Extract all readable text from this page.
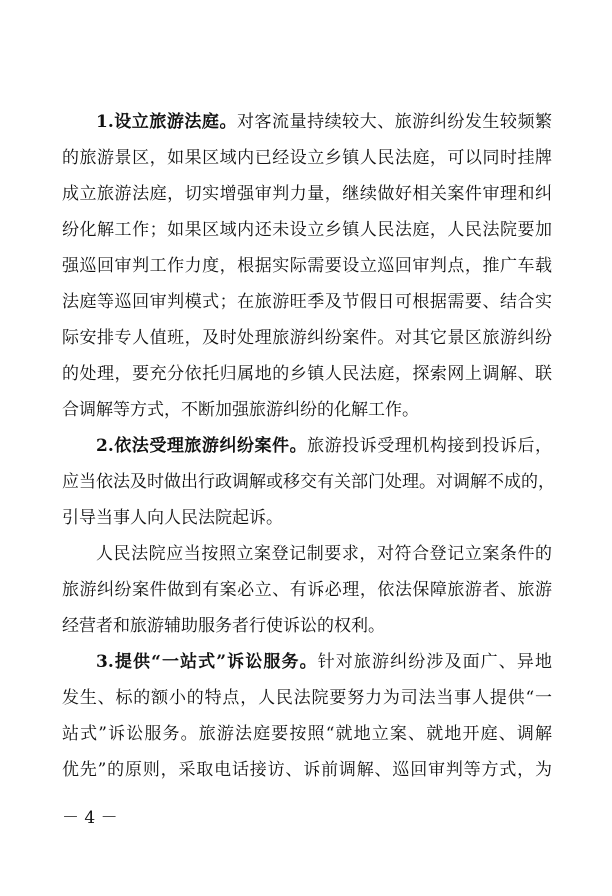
1.设立旅游法庭。对客流量持续较大、旅游纠纷发生较频繁
的旅游景区，如果区域内已经设立乡镇人民法庭，可以同时挂牌
成立旅游法庭，切实增强审判力量，继续做好相关案件审理和纠
纷化解工作；如果区域内还未设立乡镇人民法庭，人民法院要加
强巡回审判工作力度，根据实际需要设立巡回审判点，推广车载
法庭等巡回审判模式；在旅游旺季及节假日可根据需要、结合实
际安排专人值班，及时处理旅游纠纷案件。对其它景区旅游纠纷
的处理，要充分依托归属地的乡镇人民法庭，探索网上调解、联
合调解等方式，不断加强旅游纠纷的化解工作。
2.依法受理旅游纠纷案件。旅游投诉受理机构接到投诉后，
应当依法及时做出行政调解或移交有关部门处理。对调解不成的，
引导当事人向人民法院起诉。
人民法院应当按照立案登记制要求，对符合登记立案条件的
旅游纠纷案件做到有案必立、有诉必理，依法保障旅游者、旅游
经营者和旅游辅助服务者行使诉讼的权利。
3.提供“一站式”诉讼服务。针对旅游纠纷涉及面广、异地
发生、标的额小的特点，人民法院要努力为司法当事人提供“一
站式”诉讼服务。旅游法庭要按照“就地立案、就地开庭、调解
优先”的原则，采取电话接访、诉前调解、巡回审判等方式，为
－ 4 －
